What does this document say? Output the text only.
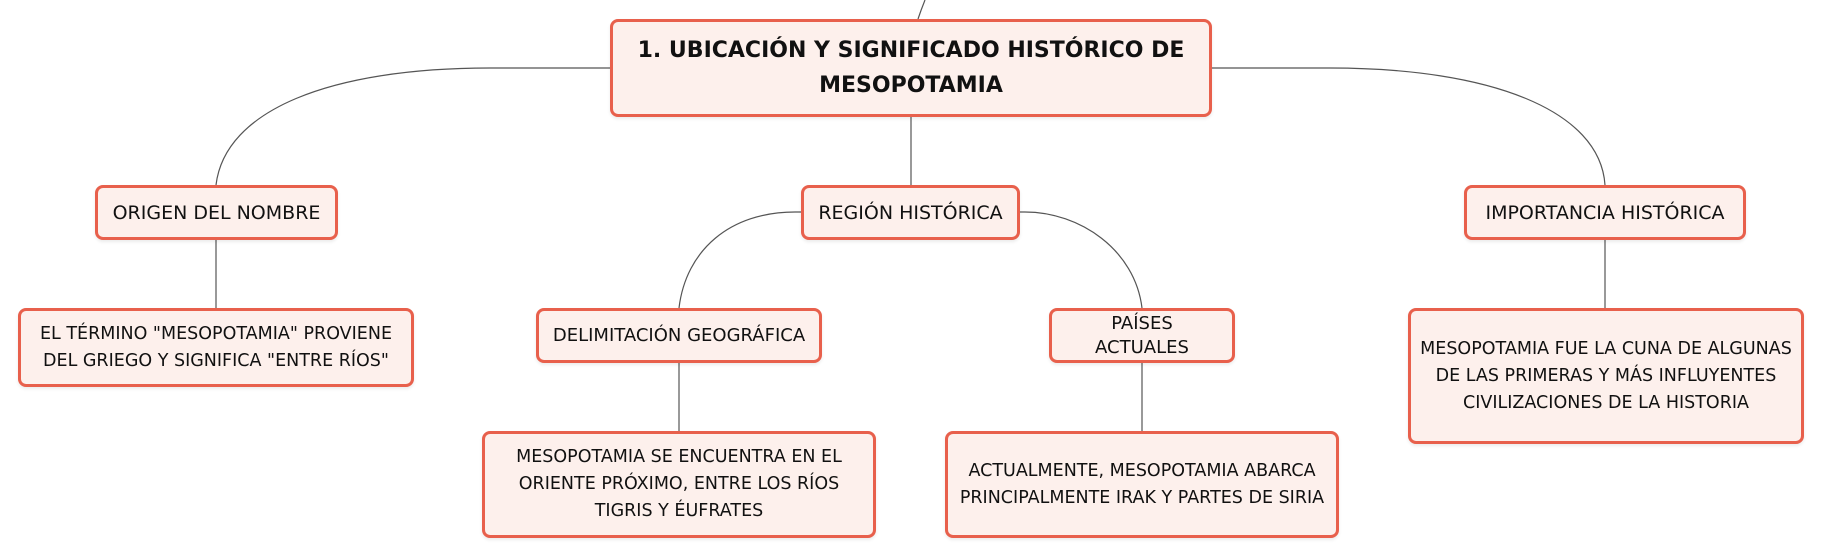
1. UBICACIÓN Y SIGNIFICADO HISTÓRICO DE MESOPOTAMIA
ORIGEN DEL NOMBRE	REGIÓN HISTÓRICA	IMPORTANCIA HISTÓRICA
DELIMITACIÓN GEOGRÁFICA
PAÍSES ACTUALES
EL TÉRMINO "MESOPOTAMIA" PROVIENE DEL GRIEGO Y SIGNIFICA "ENTRE RÍOS"
MESOPOTAMIA SE ENCUENTRA EN EL ORIENTE PRÓXIMO, ENTRE LOS RÍOS TIGRIS Y ÉUFRATES
ACTUALMENTE, MESOPOTAMIA ABARCA PRINCIPALMENTE IRAK Y PARTES DE SIRIA
MESOPOTAMIA FUE LA CUNA DE ALGUNAS DE LAS PRIMERAS Y MÁS INFLUYENTES CIVILIZACIONES DE LA HISTORIA
